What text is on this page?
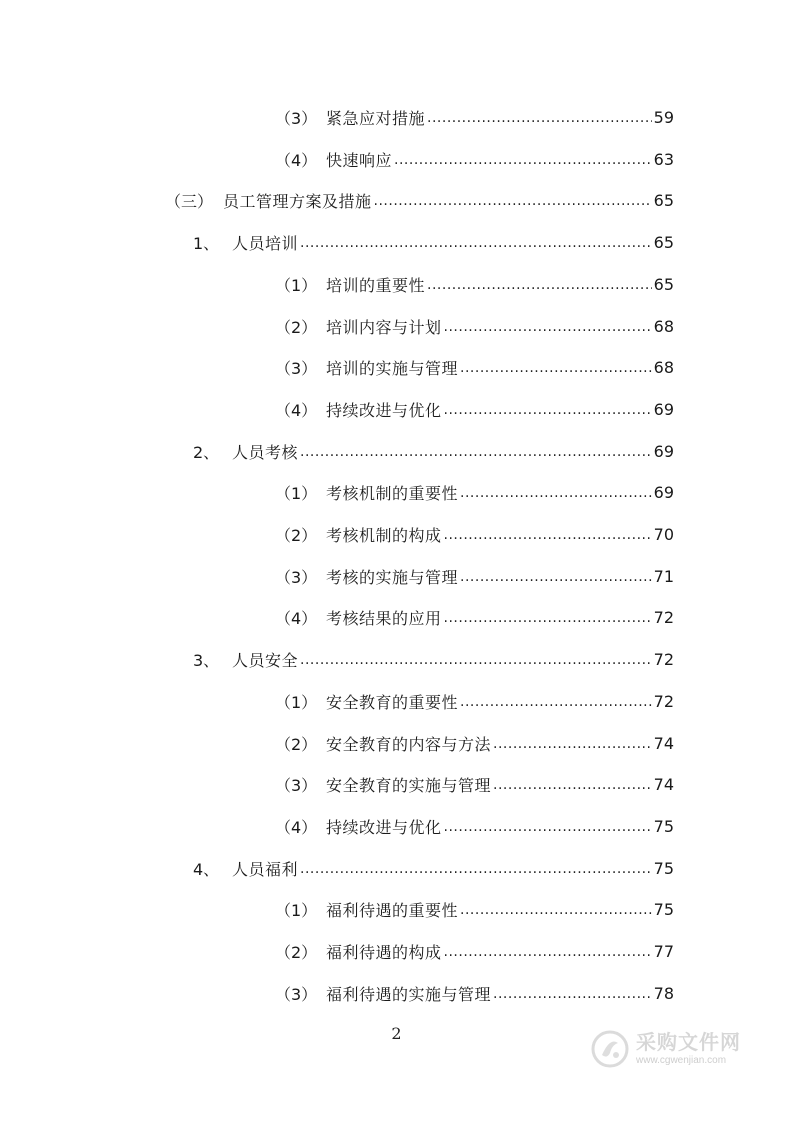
（3） 紧急应对措施 .....	59
（4） 快速响应 .....	63
（三） 员工管理方案及措施 .....	65
1、 人员培训 .....	65
（1） 培训的重要性 .....	65
（2） 培训内容与计划 .....	68
（3） 培训的实施与管理 .....	68
（4） 持续改进与优化 .....	69
2、 人员考核 .....	69
（1） 考核机制的重要性 .....	69
（2） 考核机制的构成 .....	70
（3） 考核的实施与管理 .....	71
（4） 考核结果的应用 .....	72
3、 人员安全 .....	72
（1） 安全教育的重要性 .....	72
（2） 安全教育的内容与方法 .....	74
（3） 安全教育的实施与管理 .....	74
（4） 持续改进与优化 .....	75
4、 人员福利 .....	75
（1） 福利待遇的重要性 .....	75
（2） 福利待遇的构成 .....	77
（3） 福利待遇的实施与管理 .....	78
2	采购文件网
www.cgwenjian.com
